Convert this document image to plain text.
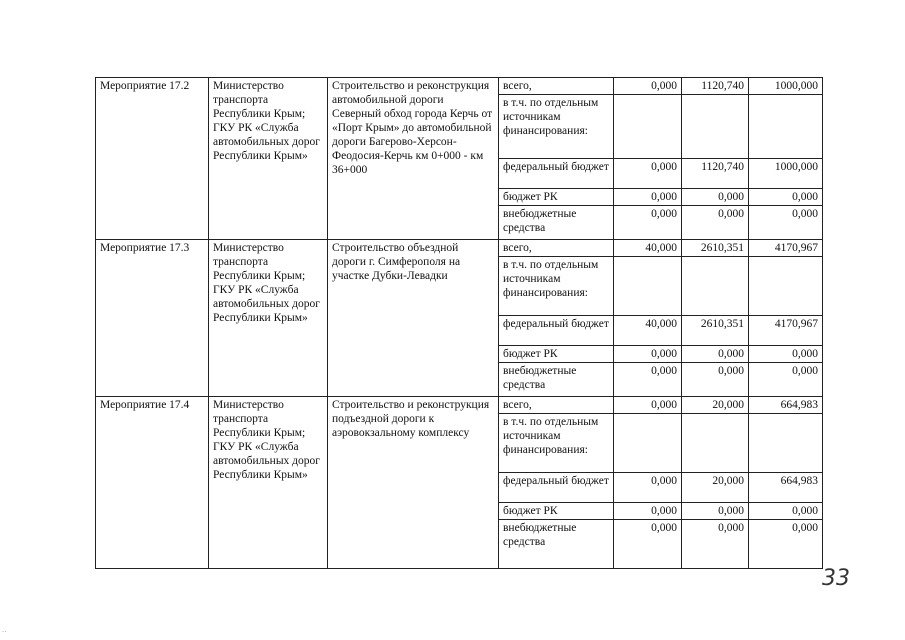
Мероприятие 17.2	Министерство транспорта Республики Крым; ГКУ РК «Служба автомобильных дорог Республики Крым»	Строительство и реконструкция автомобильной дороги Северный обход города Керчь от «Порт Крым» до автомобильной дороги Багерово-Херсон-Феодосия-Керчь км 0+000 - км 36+000	всего,	0,000	1120,740	1000,000
			в т.ч. по отдельным источникам финансирования:			
			федеральный бюджет	0,000	1120,740	1000,000
			бюджет РК	0,000	0,000	0,000
			внебюджетные средства	0,000	0,000	0,000
Мероприятие 17.3	Министерство транспорта Республики Крым; ГКУ РК «Служба автомобильных дорог Республики Крым»	Строительство объездной дороги г. Симферополя на участке Дубки-Левадки	всего,	40,000	2610,351	4170,967
			в т.ч. по отдельным источникам финансирования:			
			федеральный бюджет	40,000	2610,351	4170,967
			бюджет РК	0,000	0,000	0,000
			внебюджетные средства	0,000	0,000	0,000
Мероприятие 17.4	Министерство транспорта Республики Крым; ГКУ РК «Служба автомобильных дорог Республики Крым»	Строительство и реконструкция подъездной дороги к аэровокзальному комплексу	всего,	0,000	20,000	664,983
			в т.ч. по отдельным источникам финансирования:			
			федеральный бюджет	0,000	20,000	664,983
			бюджет РК	0,000	0,000	0,000
			внебюджетные средства	0,000	0,000	0,000
33
··
